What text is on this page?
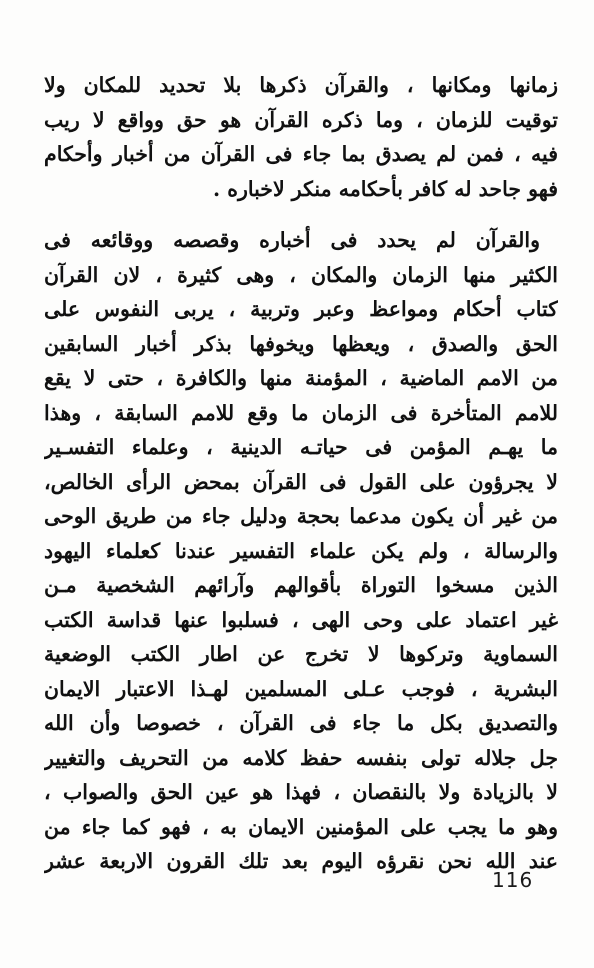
زمانها ومكانها ، والقرآن ذكرها بلا تحديد للمكان ولا
توقيت للزمان ، وما ذكره القرآن هو حق وواقع لا ريب
فيه ، فمن لم يصدق بما جاء فى القرآن من أخبار وأحكام
فهو جاحد له كافر بأحكامه منكر لاخباره .
والقرآن لم يحدد فى أخباره وقصصه ووقائعه فى
الكثير منها الزمان والمكان ، وهى كثيرة ، لان القرآن
كتاب أحكام ومواعظ وعبر وتربية ، يربى النفوس على
الحق والصدق ، ويعظها ويخوفها بذكر أخبار السابقين
من الامم الماضية ، المؤمنة منها والكافرة ، حتى لا يقع
للامم المتأخرة فى الزمان ما وقع للامم السابقة ، وهذا
ما يهـم المؤمن فى حياتـه الدينية ، وعلماء التفسـير
لا يجرؤون على القول فى القرآن بمحض الرأى الخالص،
من غير أن يكون مدعما بحجة ودليل جاء من طريق الوحى
والرسالة ، ولم يكن علماء التفسير عندنا كعلماء اليهود
الذين مسخوا التوراة بأقوالهم وآرائهم الشخصية مـن
غير اعتماد على وحى الهى ، فسلبوا عنها قداسة الكتب
السماوية وتركوها لا تخرج عن اطار الكتب الوضعية
البشرية ، فوجب عـلى المسلمين لهـذا الاعتبار الايمان
والتصديق بكل ما جاء فى القرآن ، خصوصا وأن الله
جل جلاله تولى بنفسه حفظ كلامه من التحريف والتغيير
لا بالزيادة ولا بالنقصان ، فهذا هو عين الحق والصواب ،
وهو ما يجب على المؤمنين الايمان به ، فهو كما جاء من
عند الله نحن نقرؤه اليوم بعد تلك القرون الاربعة عشر
116
